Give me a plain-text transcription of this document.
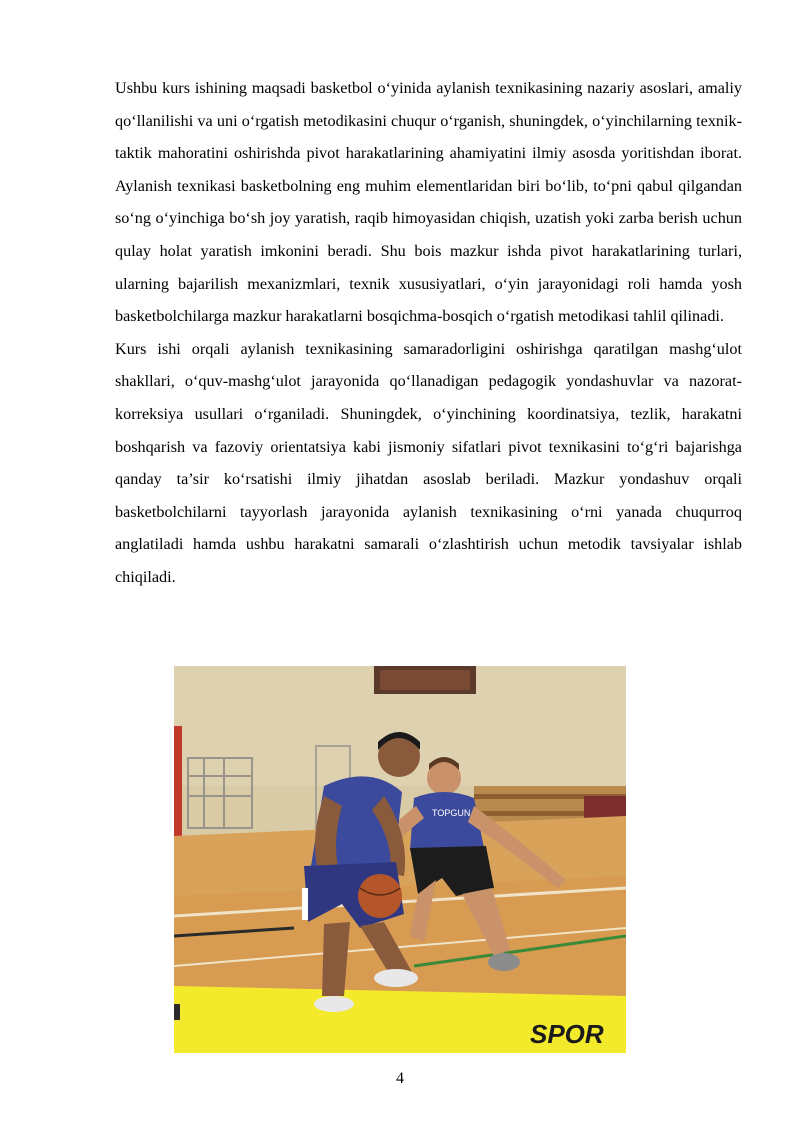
Ushbu kurs ishining maqsadi basketbol o‘yinida aylanish texnikasining nazariy asoslari, amaliy qo‘llanilishi va uni o‘rgatish metodikasini chuqur o‘rganish, shuningdek, o‘yinchilarning texnik-taktik mahoratini oshirishda pivot harakatlarining ahamiyatini ilmiy asosda yoritishdan iborat. Aylanish texnikasi basketbolning eng muhim elementlaridan biri bo‘lib, to‘pni qabul qilgandan so‘ng o‘yinchiga bo‘sh joy yaratish, raqib himoyasidan chiqish, uzatish yoki zarba berish uchun qulay holat yaratish imkonini beradi. Shu bois mazkur ishda pivot harakatlarining turlari, ularning bajarilish mexanizmlari, texnik xususiyatlari, o‘yin jarayonidagi roli hamda yosh basketbolchilarga mazkur harakatlarni bosqichma-bosqich o‘rgatish metodikasi tahlil qilinadi.

Kurs ishi orqali aylanish texnikasining samaradorligini oshirishga qaratilgan mashg‘ulot shakllari, o‘quv-mashg‘ulot jarayonida qo‘llanadigan pedagogik yondashuvlar va nazorat-korreksiya usullari o‘rganiladi. Shuningdek, o‘yinchining koordinatsiya, tezlik, harakatni boshqarish va fazoviy orientatsiya kabi jismoniy sifatlari pivot texnikasini to‘g‘ri bajarishga qanday ta’sir ko‘rsatishi ilmiy jihatdan asoslab beriladi. Mazkur yondashuv orqali basketbolchilarni tayyorlash jarayonida aylanish texnikasining o‘rni yanada chuqurroq anglatiladi hamda ushbu harakatni samarali o‘zlashtirish uchun metodik tavsiyalar ishlab chiqiladi.

TOPGUN
SPOR
4
